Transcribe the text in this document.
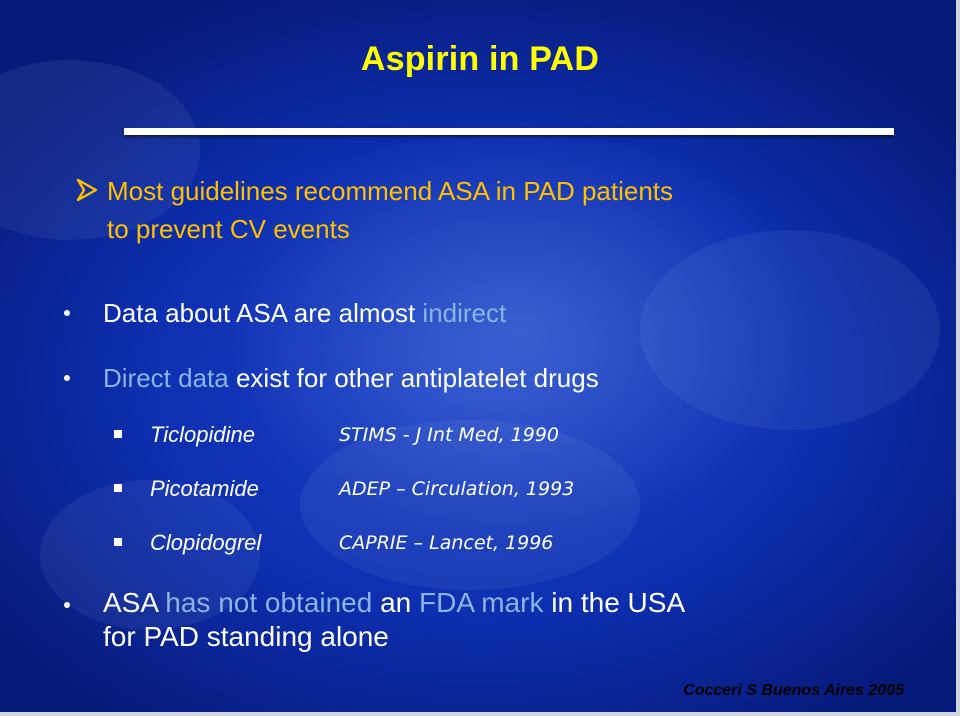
Aspirin in PAD
Most guidelines recommend ASA in PAD patients
to prevent CV events
Data about ASA are almost indirect
Direct data exist for other antiplatelet drugs
Ticlopidine	STIMS - J Int Med, 1990
Picotamide	ADEP – Circulation, 1993
Clopidogrel	CAPRIE – Lancet, 1996
ASA has not obtained an FDA mark in the USA
for PAD standing alone
Cocceri S Buenos Aires 2005
